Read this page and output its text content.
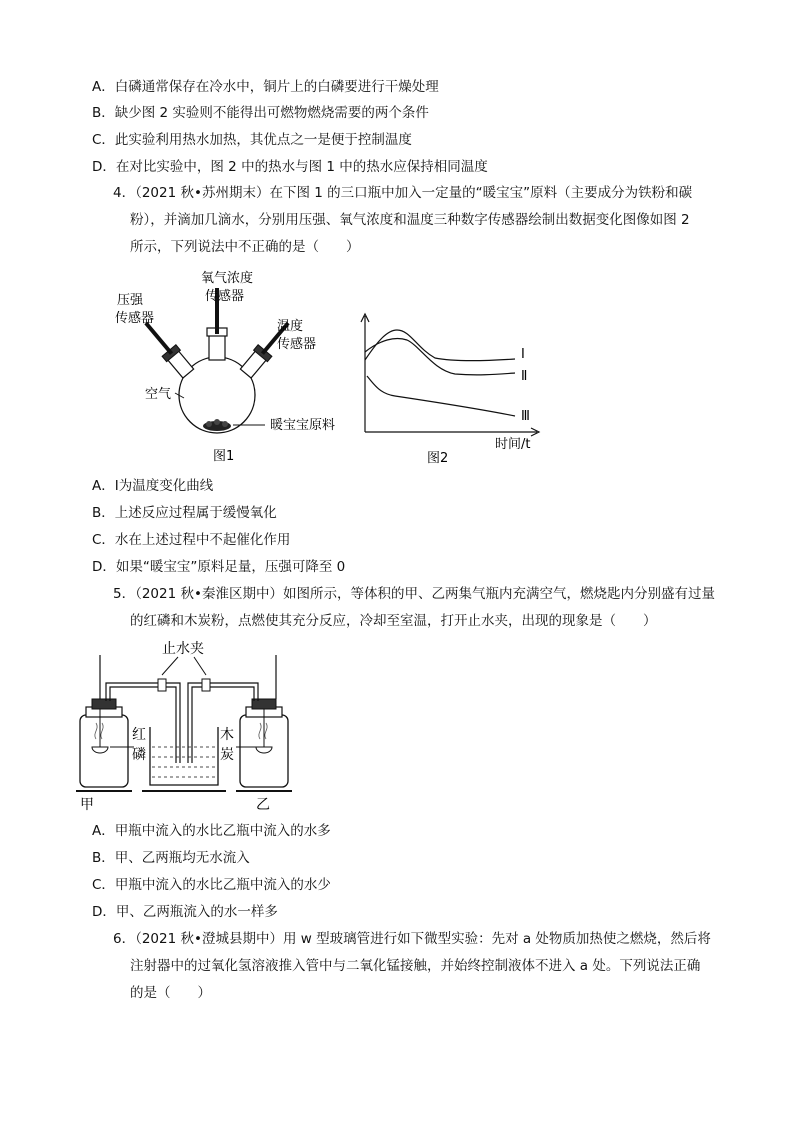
A．白磷通常保存在冷水中，铜片上的白磷要进行干燥处理
B．缺少图 2 实验则不能得出可燃物燃烧需要的两个条件
C．此实验利用热水加热，其优点之一是便于控制温度
D．在对比实验中，图 2 中的热水与图 1 中的热水应保持相同温度
4．（2021 秋•苏州期末）在下图 1 的三口瓶中加入一定量的“暖宝宝”原料（主要成分为铁粉和碳
粉），并滴加几滴水，分别用压强、氧气浓度和温度三种数字传感器绘制出数据变化图像如图 2
所示，下列说法中不正确的是（　　）
氧气浓度
传感器
压强
传感器
温度
传感器
空气
暖宝宝原料
图1
Ⅰ
Ⅱ
Ⅲ
时间/t
图2
A．Ⅰ为温度变化曲线
B．上述反应过程属于缓慢氧化
C．水在上述过程中不起催化作用
D．如果“暖宝宝”原料足量，压强可降至 0
5．（2021 秋•秦淮区期中）如图所示，等体积的甲、乙两集气瓶内充满空气，燃烧匙内分别盛有过量
的红磷和木炭粉，点燃使其充分反应，冷却至室温，打开止水夹，出现的现象是（　　）
止水夹
红
磷
木
炭
甲	乙
A．甲瓶中流入的水比乙瓶中流入的水多
B．甲、乙两瓶均无水流入
C．甲瓶中流入的水比乙瓶中流入的水少
D．甲、乙两瓶流入的水一样多
6．（2021 秋•澄城县期中）用 w 型玻璃管进行如下微型实验：先对 a 处物质加热使之燃烧，然后将
注射器中的过氧化氢溶液推入管中与二氧化锰接触，并始终控制液体不进入 a 处。下列说法正确
的是（　　）
